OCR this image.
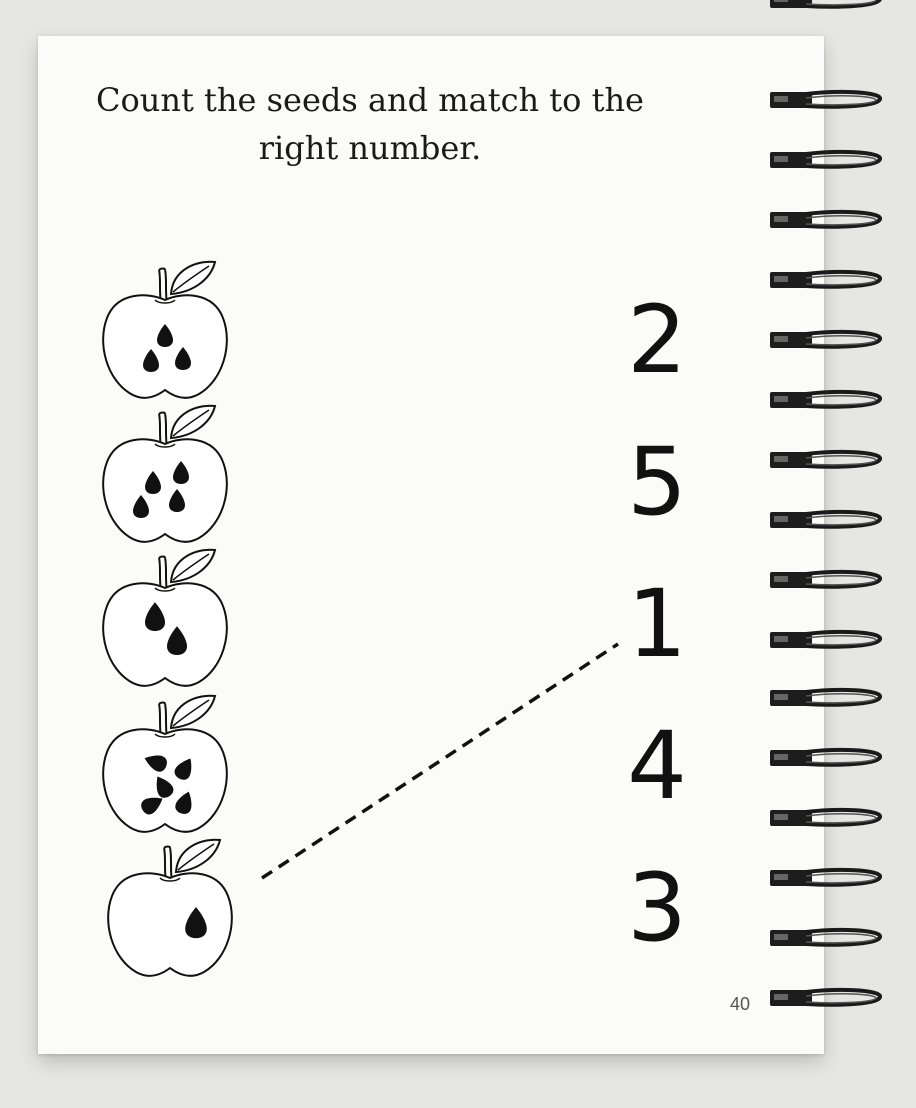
Count the seeds and match to the right number.
2
5
1
4
3
40
